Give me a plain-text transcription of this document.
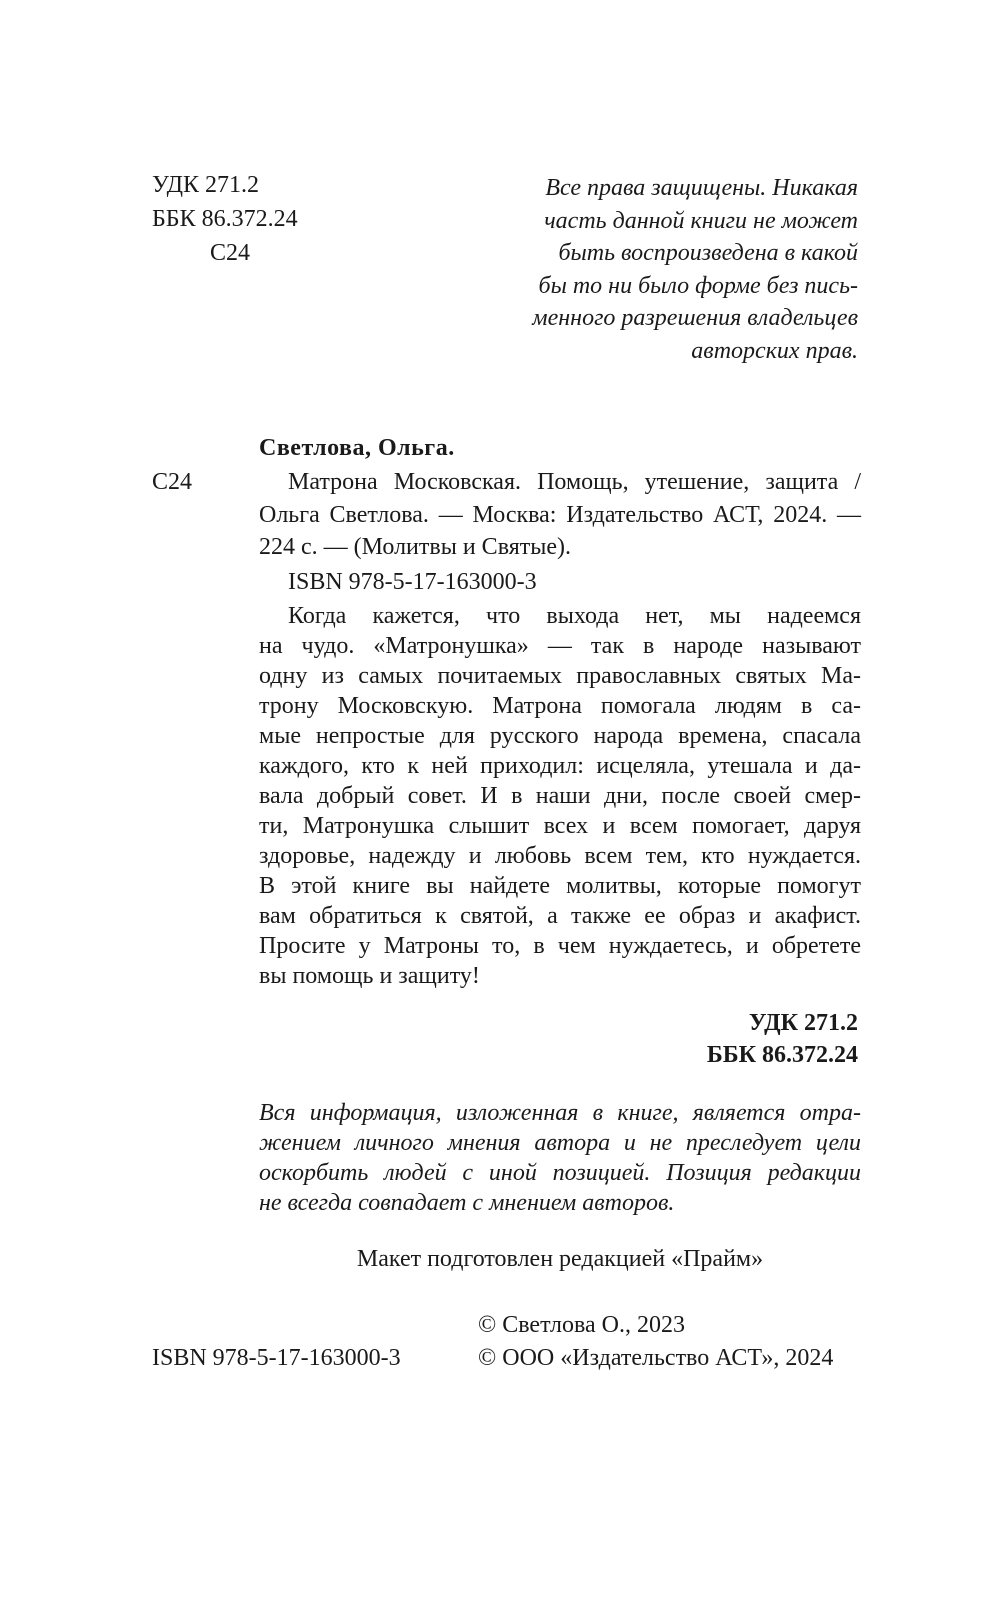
УДК 271.2
ББК 86.372.24
С24
Все права защищены. Никакая
часть данной книги не может
быть воспроизведена в какой
бы то ни было форме без пись-
менного разрешения владельцев
авторских прав.
Светлова, Ольга.
С24	Матрона Московская. Помощь, утешение, защита /
Ольга Светлова. — Москва: Издательство АСТ, 2024. —
224 с. — (Молитвы и Святые).
ISBN 978-5-17-163000-3
Когда кажется, что выхода нет, мы надеемся
на чудо. «Матронушка» — так в народе называют
одну из самых почитаемых православных святых Ма-
трону Московскую. Матрона помогала людям в са-
мые непростые для русского народа времена, спасала
каждого, кто к ней приходил: исцеляла, утешала и да-
вала добрый совет. И в наши дни, после своей смер-
ти, Матронушка слышит всех и всем помогает, даруя
здоровье, надежду и любовь всем тем, кто нуждается.
В этой книге вы найдете молитвы, которые помогут
вам обратиться к святой, а также ее образ и акафист.
Просите у Матроны то, в чем нуждаетесь, и обретете
вы помощь и защиту!
УДК 271.2
ББК 86.372.24
Вся информация, изложенная в книге, является отра-
жением личного мнения автора и не преследует цели
оскорбить людей с иной позицией. Позиция редакции
не всегда совпадает с мнением авторов.
Макет подготовлен редакцией «Прайм»
© Светлова О., 2023
ISBN 978-5-17-163000-3	© ООО «Издательство АСТ», 2024
